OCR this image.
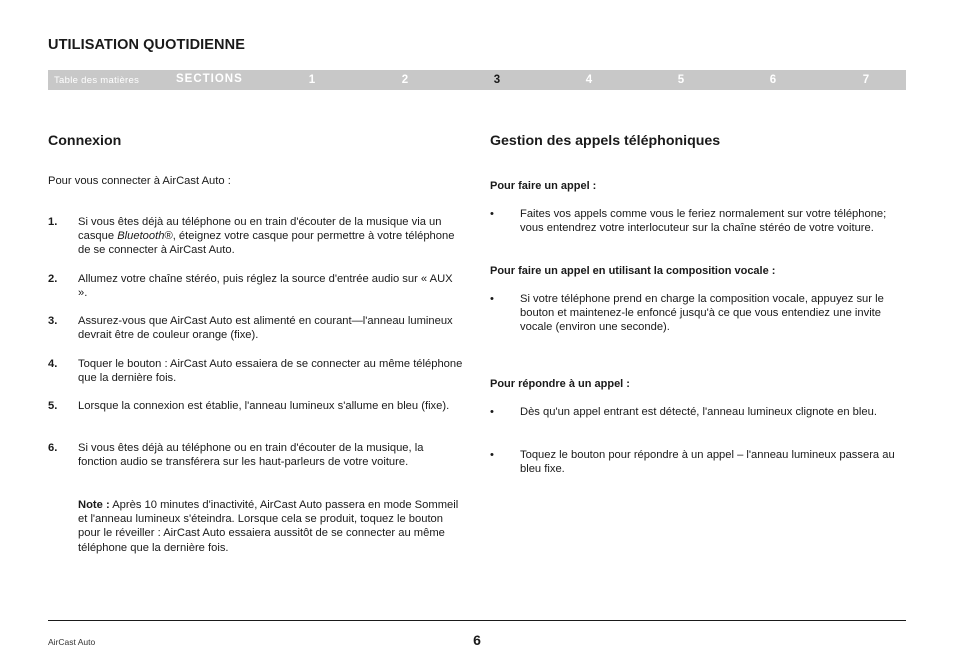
UTILISATION QUOTIDIENNE
Table des matières	SECTIONS	1	2	3	4	5	6	7
Connexion
Pour vous connecter à AirCast Auto :
1. Si vous êtes déjà au téléphone ou en train d'écouter de la musique via un casque Bluetooth®, éteignez votre casque pour permettre à votre téléphone de se connecter à AirCast Auto.
2. Allumez votre chaîne stéréo, puis réglez la source d'entrée audio sur « AUX ».
3. Assurez-vous que AirCast Auto est alimenté en courant—l'anneau lumineux devrait être de couleur orange (fixe).
4. Toquer le bouton : AirCast Auto essaiera de se connecter au même téléphone que la dernière fois.
5. Lorsque la connexion est établie, l'anneau lumineux s'allume en bleu (fixe).
6. Si vous êtes déjà au téléphone ou en train d'écouter de la musique, la fonction audio se transférera sur les haut-parleurs de votre voiture.
Note : Après 10 minutes d'inactivité, AirCast Auto passera en mode Sommeil et l'anneau lumineux s'éteindra. Lorsque cela se produit, toquez le bouton pour le réveiller : AirCast Auto essaiera aussitôt de se connecter au même téléphone que la dernière fois.
Gestion des appels téléphoniques
Pour faire un appel :
• Faites vos appels comme vous le feriez normalement sur votre téléphone; vous entendrez votre interlocuteur sur la chaîne stéréo de votre voiture.
Pour faire un appel en utilisant la composition vocale :
• Si votre téléphone prend en charge la composition vocale, appuyez sur le bouton et maintenez-le enfoncé jusqu'à ce que vous entendiez une invite vocale (environ une seconde).
Pour répondre à un appel :
• Dès qu'un appel entrant est détecté, l'anneau lumineux clignote en bleu.
• Toquez le bouton pour répondre à un appel – l'anneau lumineux passera au bleu fixe.
AirCast Auto	6
